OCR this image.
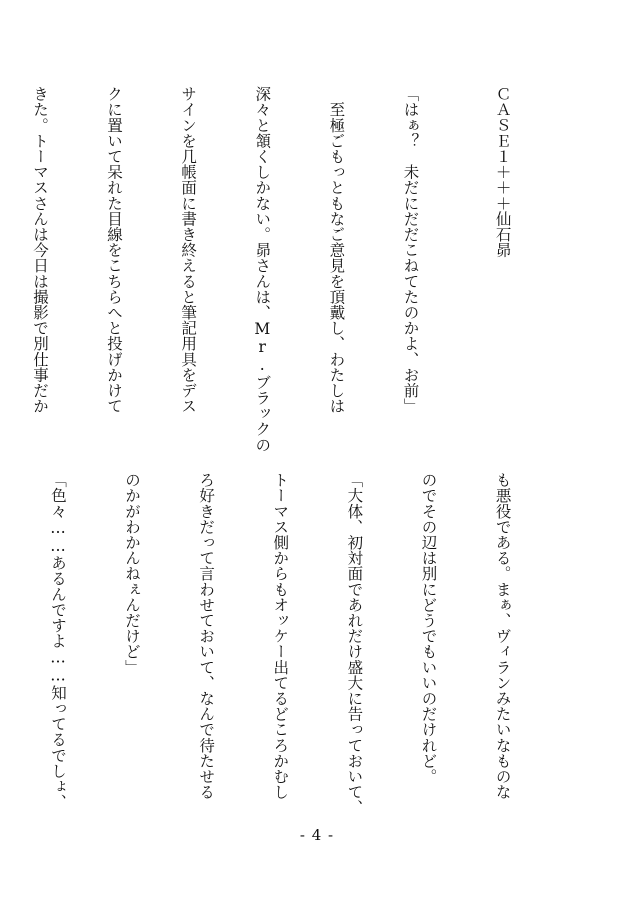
ＣＡＳＥ１＋＋＋仙石昴

「はぁ？　未だにだだこねてたのかよ、お前」

　至極ごもっともなご意見を頂戴し、わたしは

深々と頷くしかない。昴さんは、Mr.ブラックの

サインを几帳面に書き終えると筆記用具をデス

クに置いて呆れた目線をこちらへと投げかけて

きた。トーマスさんは今日は撮影で別仕事だか

も悪役である。まぁ、ヴィランみたいなものな

のでその辺は別にどうでもいいのだけれど。

「大体、初対面であれだけ盛大に告っておいて、

トーマス側からもオッケー出てるどころかむし

ろ好きだって言わせておいて、なんで待たせる

のかがわかんねぇんだけど」

「色々……あるんですよ……知ってるでしょ、

- 4 -
